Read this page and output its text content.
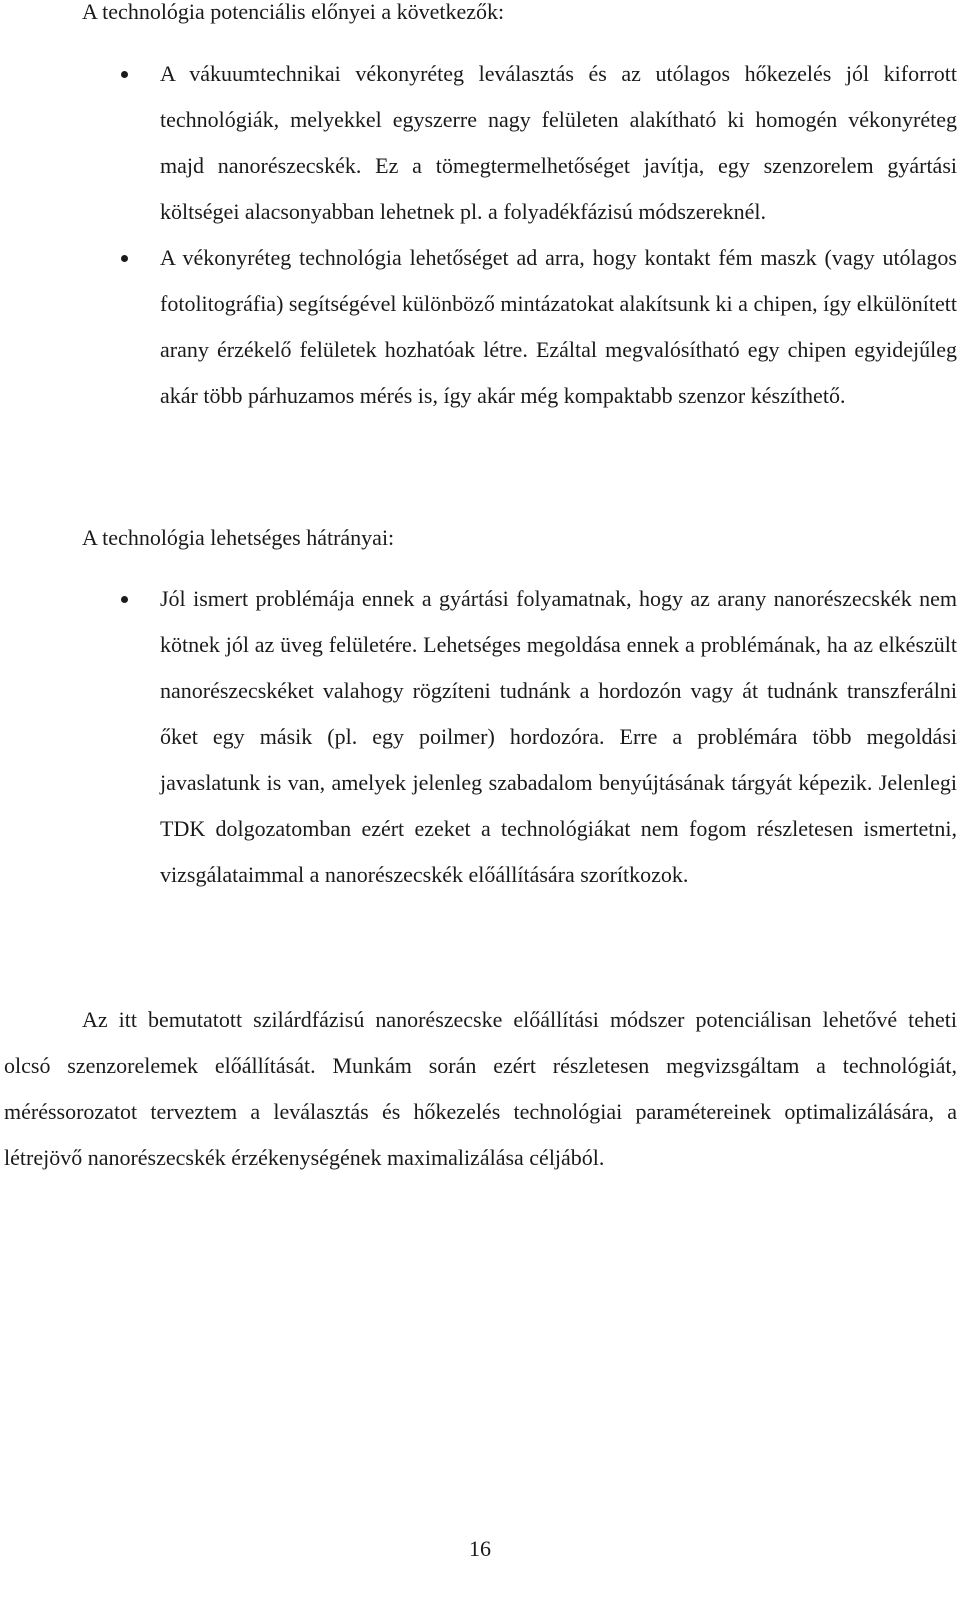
A technológia potenciális előnyei a következők:

A vákuumtechnikai vékonyréteg leválasztás és az utólagos hőkezelés jól kiforrott technológiák, melyekkel egyszerre nagy felületen alakítható ki homogén vékonyréteg majd nanorészecskék. Ez a tömegtermelhetőséget javítja, egy szenzorelem gyártási költségei alacsonyabban lehetnek pl. a folyadékfázisú módszereknél.
A vékonyréteg technológia lehetőséget ad arra, hogy kontakt fém maszk (vagy utólagos fotolitográfia) segítségével különböző mintázatokat alakítsunk ki a chipen, így elkülönített arany érzékelő felületek hozhatóak létre. Ezáltal megvalósítható egy chipen egyidejűleg akár több párhuzamos mérés is, így akár még kompaktabb szenzor készíthető.

A technológia lehetséges hátrányai:

Jól ismert problémája ennek a gyártási folyamatnak, hogy az arany nanorészecskék nem kötnek jól az üveg felületére. Lehetséges megoldása ennek a problémának, ha az elkészült nanorészecskéket valahogy rögzíteni tudnánk a hordozón vagy át tudnánk transzferálni őket egy másik (pl. egy poilmer) hordozóra. Erre a problémára több megoldási javaslatunk is van, amelyek jelenleg szabadalom benyújtásának tárgyát képezik. Jelenlegi TDK dolgozatomban ezért ezeket a technológiákat nem fogom részletesen ismertetni, vizsgálataimmal a nanorészecskék előállítására szorítkozok.

Az itt bemutatott szilárdfázisú nanorészecske előállítási módszer potenciálisan lehetővé teheti olcsó szenzorelemek előállítását. Munkám során ezért részletesen megvizsgáltam a technológiát, méréssorozatot terveztem a leválasztás és hőkezelés technológiai paramétereinek optimalizálására, a létrejövő nanorészecskék érzékenységének maximalizálása céljából.

16
